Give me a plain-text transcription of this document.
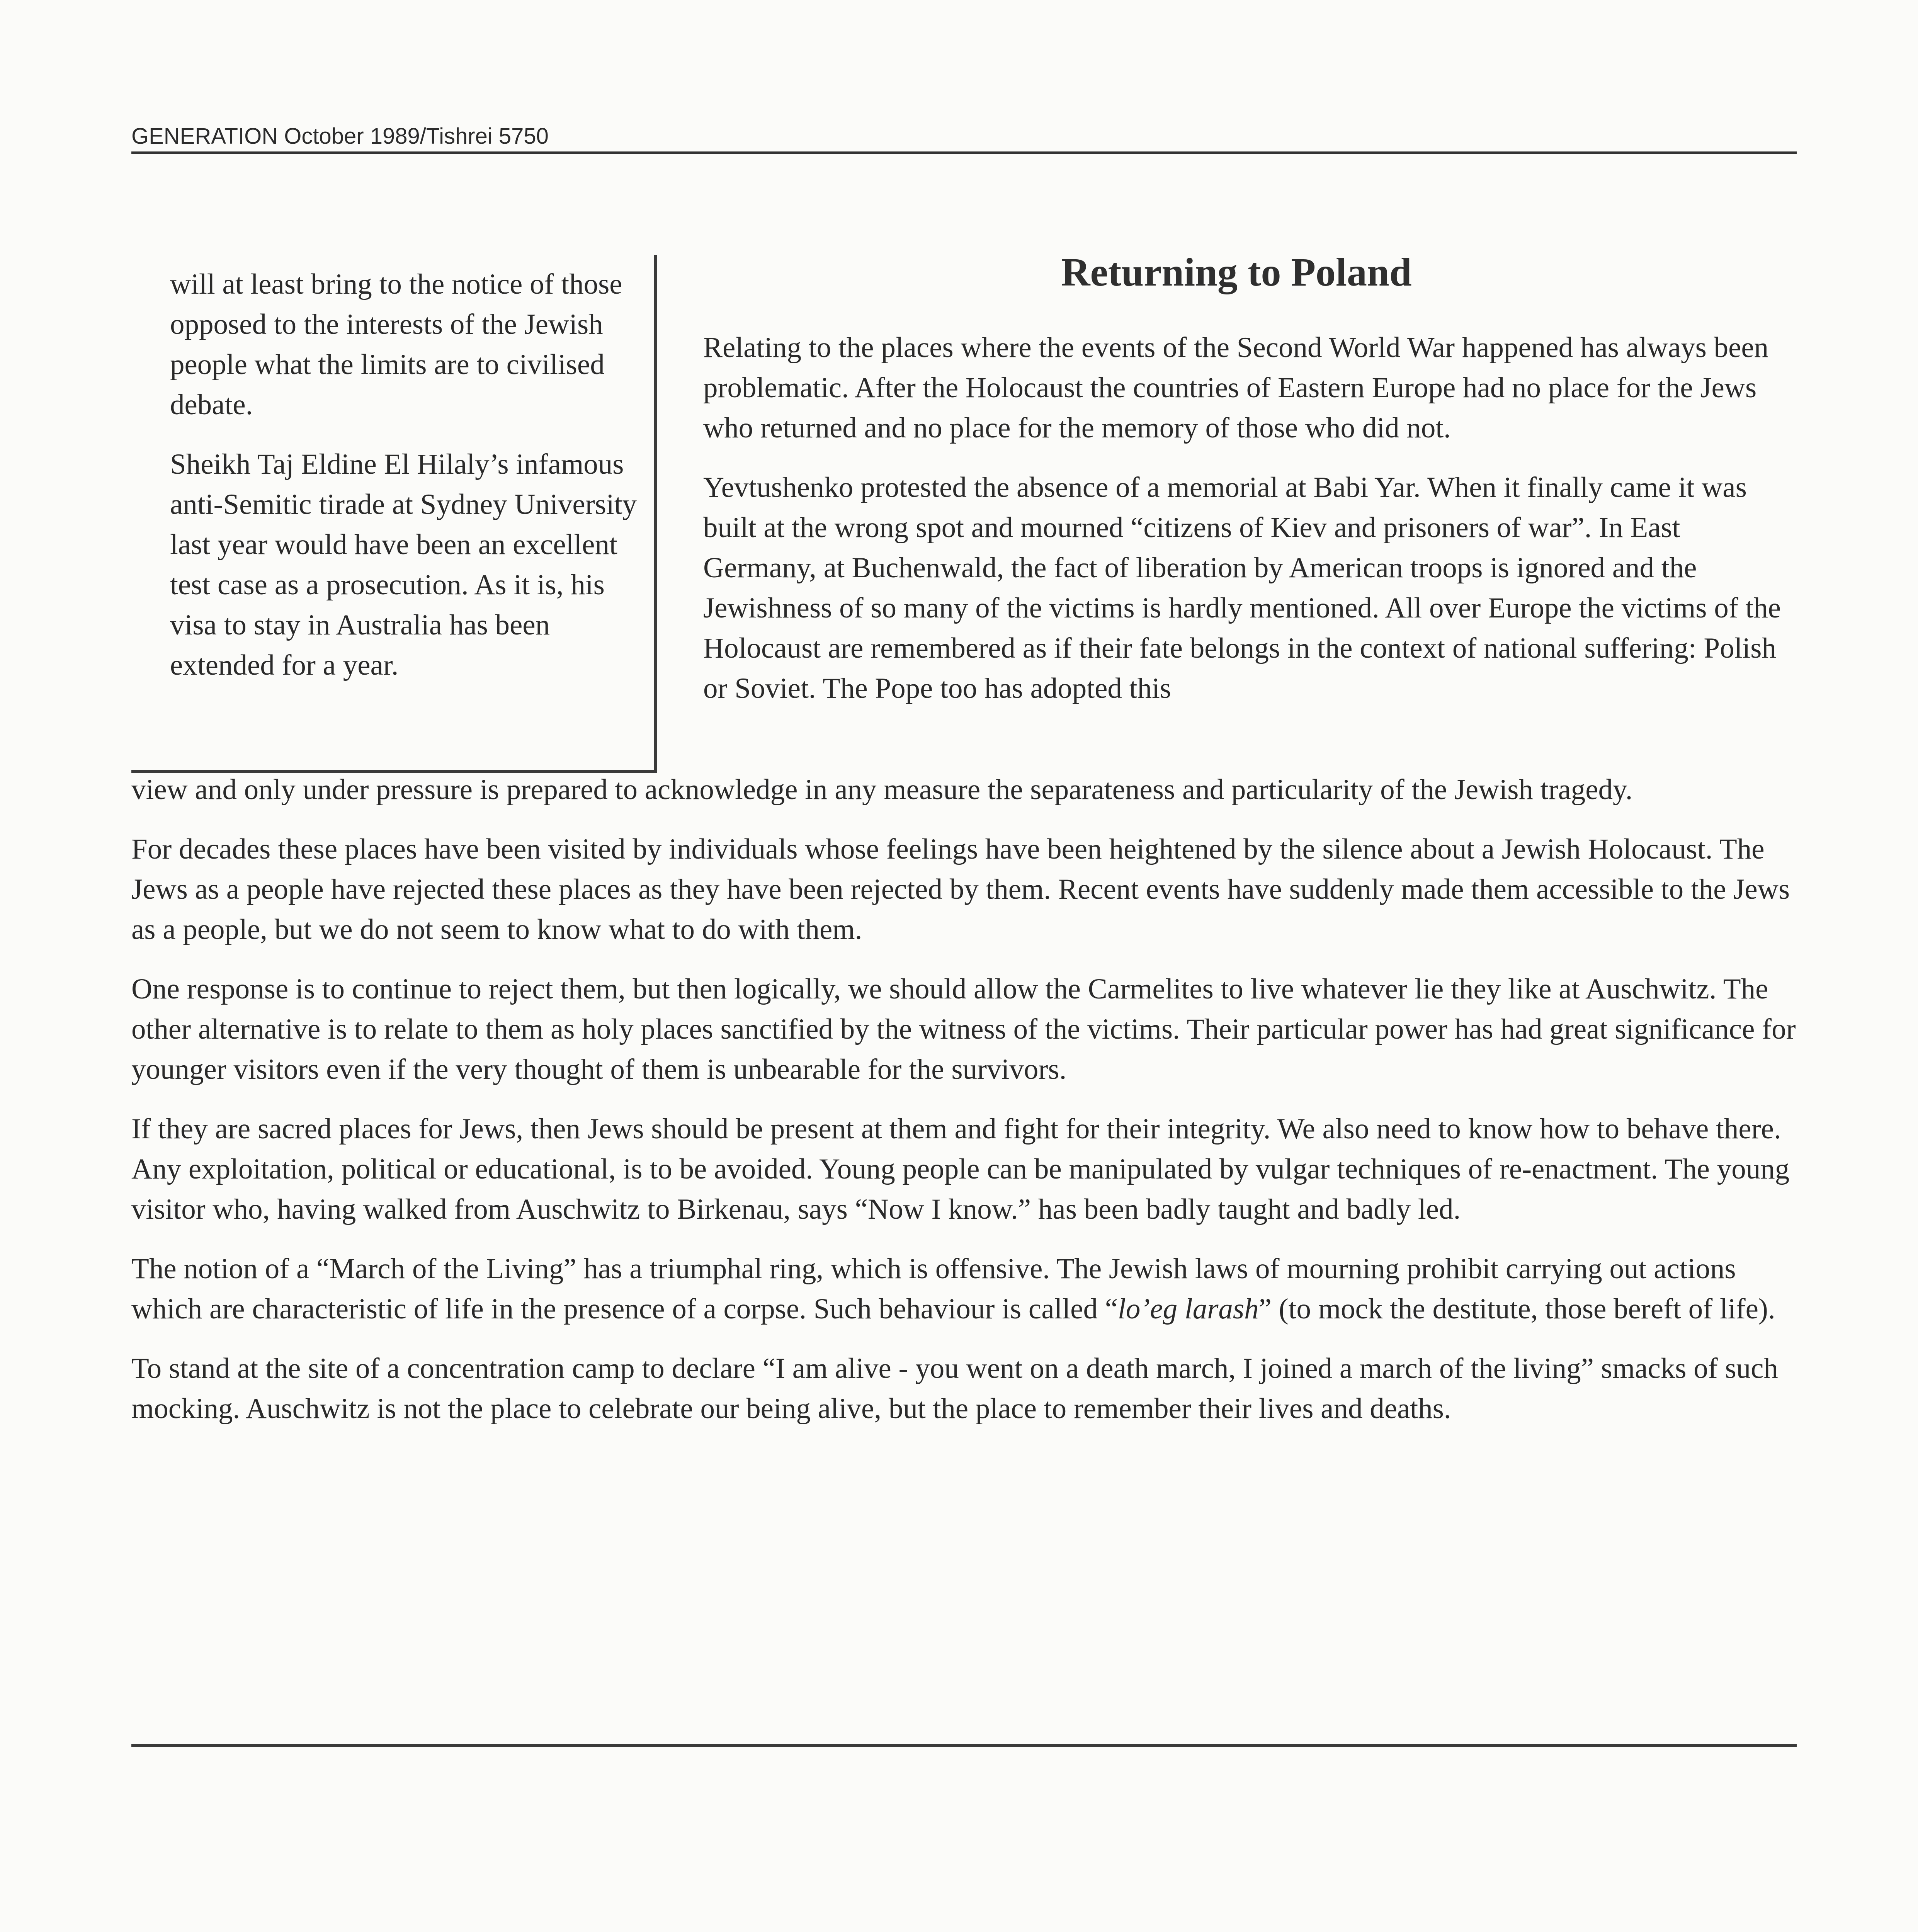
GENERATION October 1989/Tishrei 5750

will at least bring to the notice of those opposed to the interests of the Jewish people what the limits are to civilised debate.

Sheikh Taj Eldine El Hilaly’s infamous anti-Semitic tirade at Sydney University last year would have been an excellent test case as a prosecution. As it is, his visa to stay in Australia has been extended for a year.

Returning to Poland

Relating to the places where the events of the Second World War happened has always been problematic. After the Holocaust the countries of Eastern Europe had no place for the Jews who returned and no place for the memory of those who did not.

Yevtushenko protested the absence of a memorial at Babi Yar. When it finally came it was built at the wrong spot and mourned “citizens of Kiev and prisoners of war”. In East Germany, at Buchenwald, the fact of liberation by American troops is ignored and the Jewishness of so many of the victims is hardly mentioned. All over Europe the victims of the Holocaust are remembered as if their fate belongs in the context of national suffering: Polish or Soviet. The Pope too has adopted this

view and only under pressure is prepared to acknowledge in any measure the separateness and particularity of the Jewish tragedy.

For decades these places have been visited by individuals whose feelings have been heightened by the silence about a Jewish Holocaust. The Jews as a people have rejected these places as they have been rejected by them. Recent events have suddenly made them accessible to the Jews as a people, but we do not seem to know what to do with them.

One response is to continue to reject them, but then logically, we should allow the Carmelites to live whatever lie they like at Auschwitz. The other alternative is to relate to them as holy places sanctified by the witness of the victims. Their particular power has had great significance for younger visitors even if the very thought of them is unbearable for the survivors.

If they are sacred places for Jews, then Jews should be present at them and fight for their integrity. We also need to know how to behave there. Any exploitation, political or educational, is to be avoided. Young people can be manipulated by vulgar techniques of re-enactment. The young visitor who, having walked from Auschwitz to Birkenau, says “Now I know.” has been badly taught and badly led.

The notion of a “March of the Living” has a triumphal ring, which is offensive. The Jewish laws of mourning prohibit carrying out actions which are characteristic of life in the presence of a corpse. Such behaviour is called “lo’eg larash” (to mock the destitute, those bereft of life).

To stand at the site of a concentration camp to declare “I am alive - you went on a death march, I joined a march of the living” smacks of such mocking. Auschwitz is not the place to celebrate our being alive, but the place to remember their lives and deaths.
